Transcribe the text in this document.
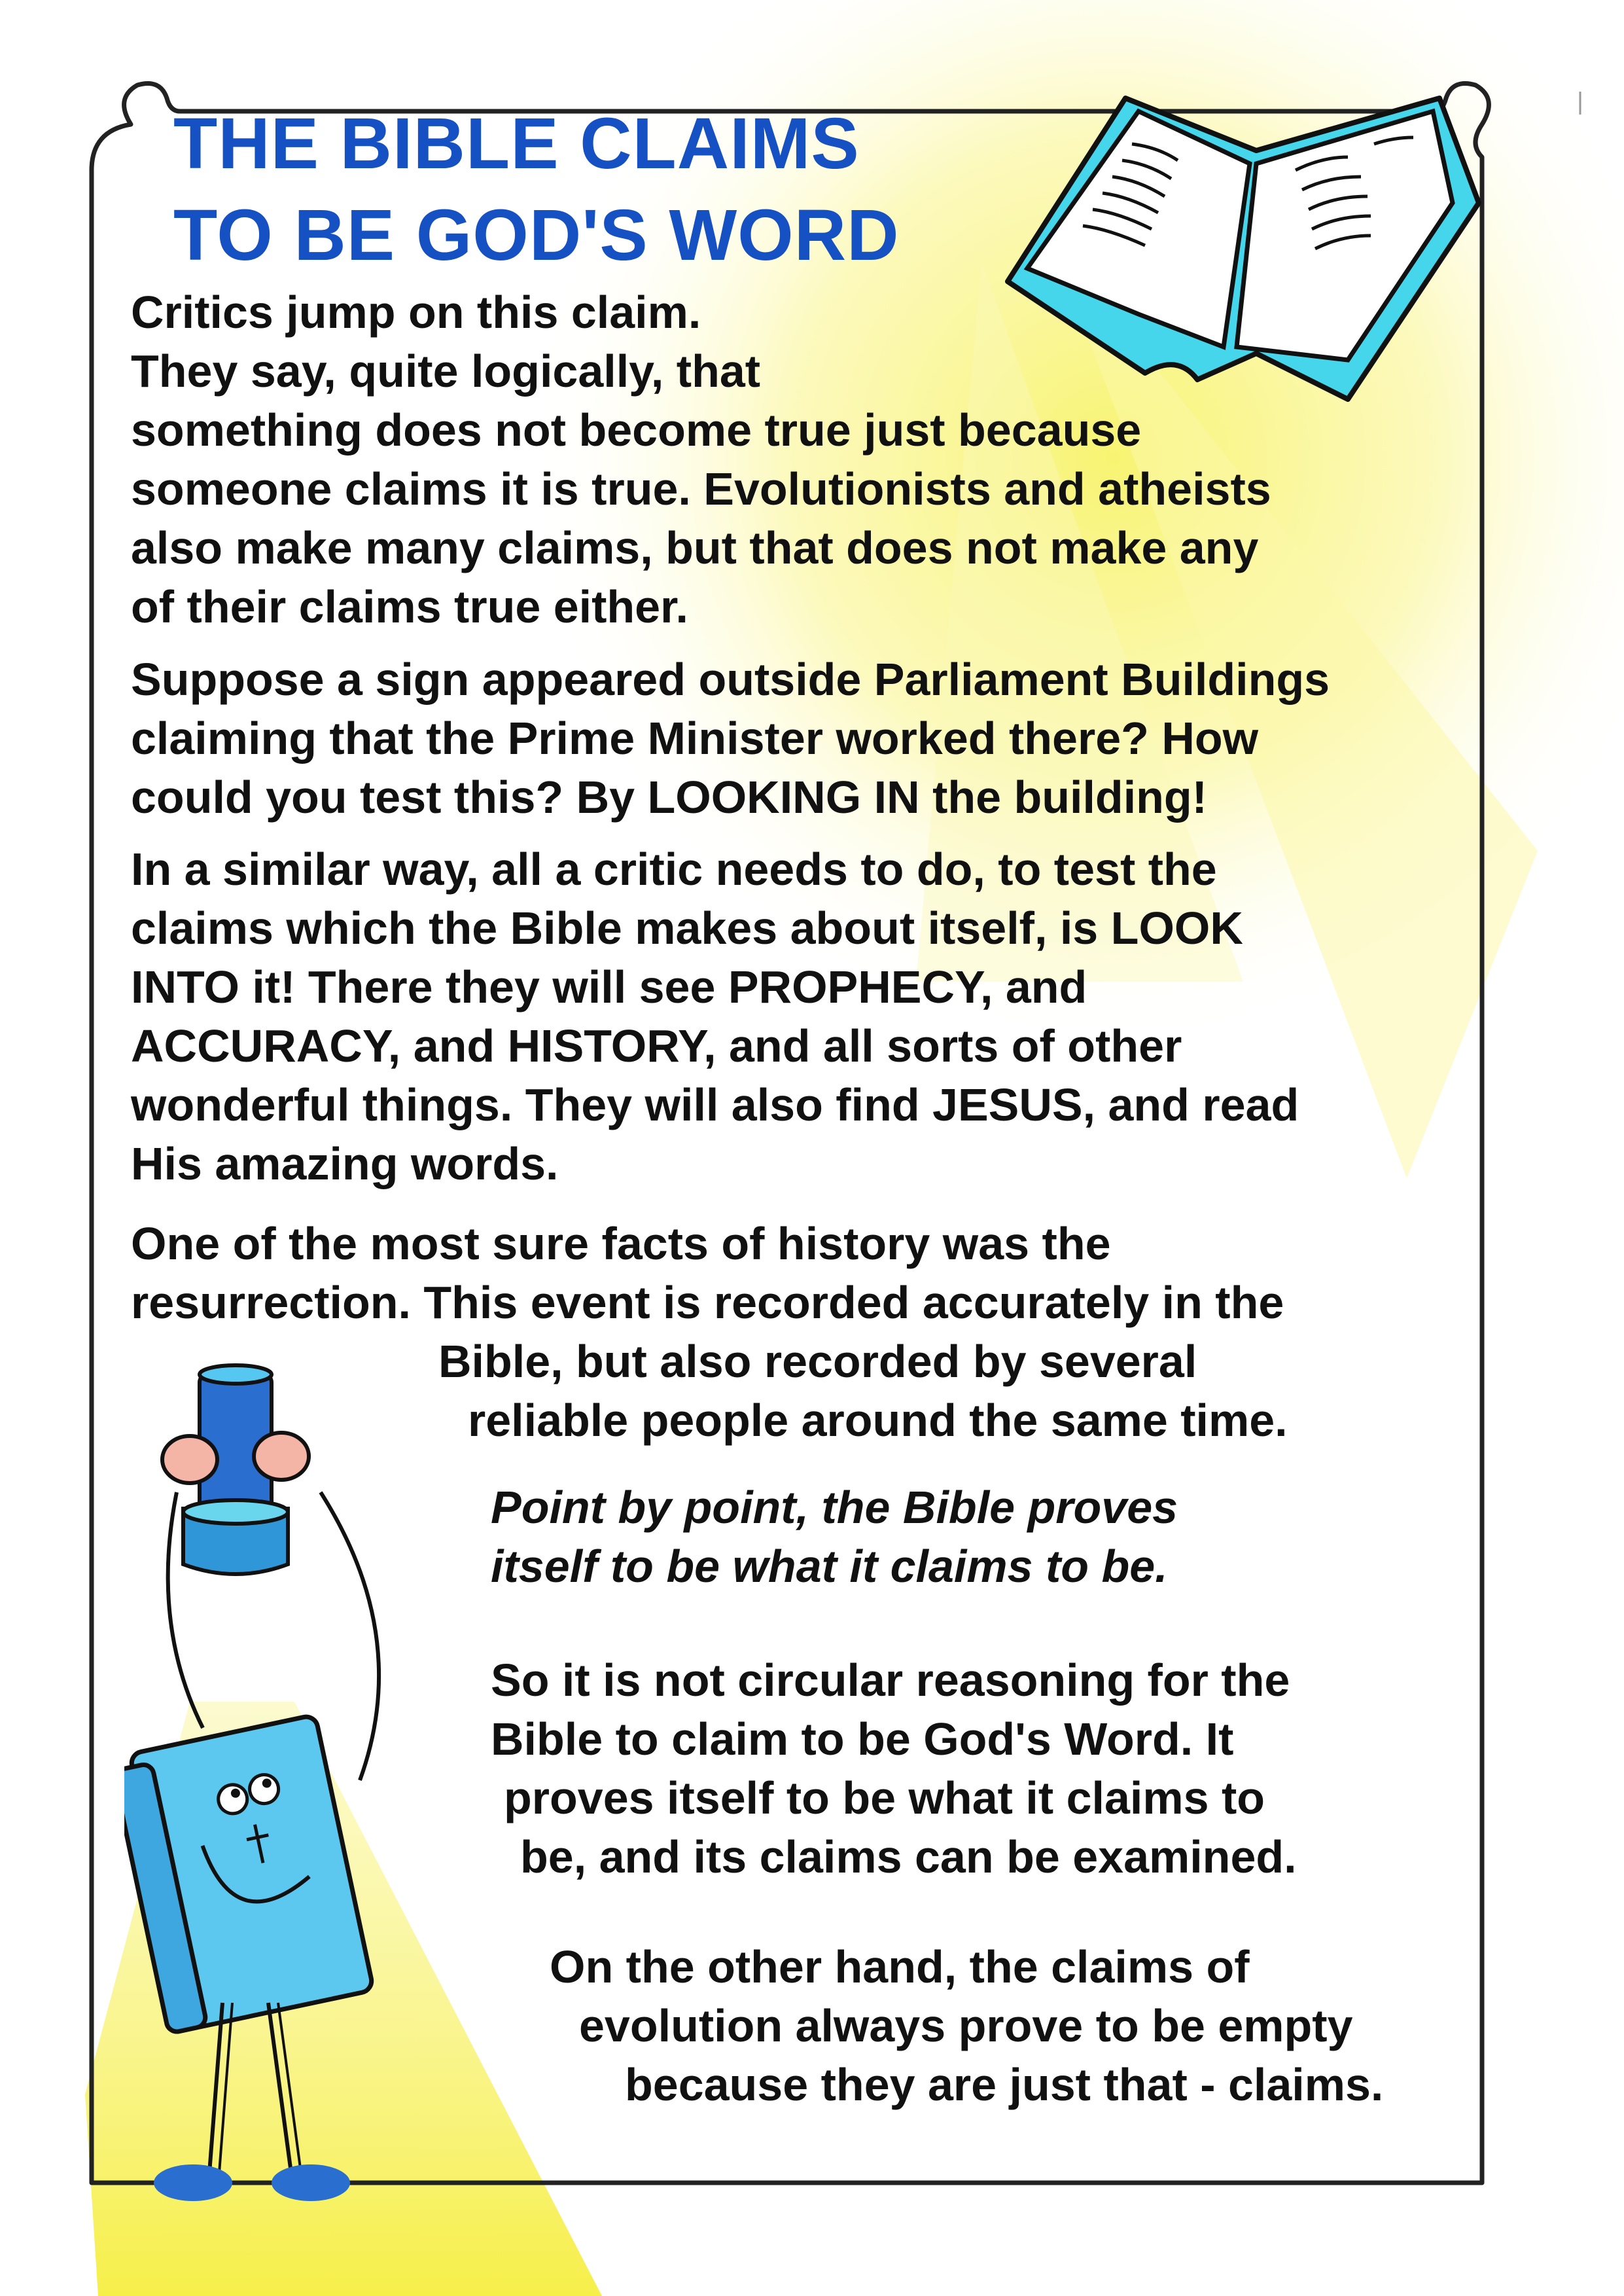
THE BIBLE CLAIMS
TO BE GOD'S WORD
Critics jump on this claim.
They say, quite logically, that
something does not become true just because
someone claims it is true. Evolutionists and atheists
also make many claims, but that does not make any
of their claims true either.
Suppose a sign appeared outside Parliament Buildings
claiming that the Prime Minister worked there? How
could you test this? By LOOKING IN the building!
In a similar way, all a critic needs to do, to test the
claims which the Bible makes about itself, is LOOK
INTO it! There they will see PROPHECY, and
ACCURACY, and HISTORY, and all sorts of other
wonderful things. They will also find JESUS, and read
His amazing words.
One of the most sure facts of history was the
resurrection. This event is recorded accurately in the
Bible, but also recorded by several
reliable people around the same time.
Point by point, the Bible proves
itself to be what it claims to be.
So it is not circular reasoning for the
Bible to claim to be God's Word. It
proves itself to be what it claims to
be, and its claims can be examined.
On the other hand, the claims of
evolution always prove to be empty
because they are just that - claims.
